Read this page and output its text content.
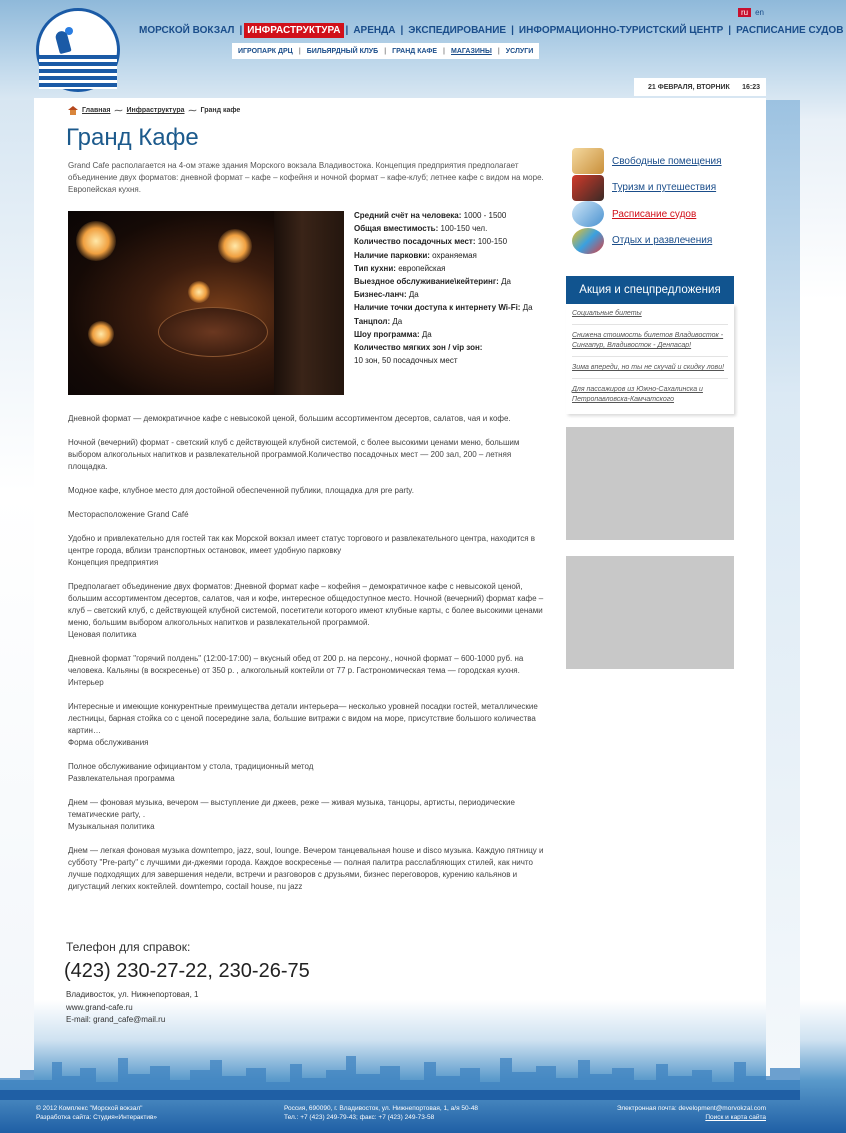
ru en
МОРСКОЙ ВОКЗАЛ | ИНФРАСТРУКТУРА | АРЕНДА | ЭКСПЕДИРОВАНИЕ | ИНФОРМАЦИОННО-ТУРИСТСКИЙ ЦЕНТР | РАСПИСАНИЕ СУДОВ
ИГРОПАРК ДРЦ | БИЛЬЯРДНЫЙ КЛУБ | ГРАНД КАФЕ | МАГАЗИНЫ | УСЛУГИ
21 ФЕВРАЛЯ, ВТОРНИК 16:23
Главная ⁓ Инфраструктура ⁓ Гранд кафе
Гранд Кафе
Grand Cafe располагается на 4-ом этаже здания Морского вокзала Владивостока. Концепция предприятия предполагает объединение двух форматов: дневной формат – кафе – кофейня и ночной формат – кафе-клуб; летнее кафе с видом на море. Европейская кухня.
Средний счёт на человека: 1000 - 1500
Общая вместимость: 100-150 чел.
Количество посадочных мест: 100-150
Наличие парковки: охраняемая
Тип кухни: европейская
Выездное обслуживание\кейтеринг: Да
Бизнес-ланч: Да
Наличие точки доступа к интернету Wi-Fi: Да
Танцпол: Да
Шоу программа: Да
Количество мягких зон / vip зон:
10 зон, 50 посадочных мест

Дневной формат — демократичное кафе с невысокой ценой, большим ассортиментом десертов, салатов, чая и кофе.

Ночной (вечерний) формат - светский клуб с действующей клубной системой, с более высокими ценами меню, большим выбором алкогольных напитков и развлекательной программой.Количество посадочных мест — 200 зал, 200 – летняя площадка.

Модное кафе, клубное место для достойной обеспеченной публики, площадка для pre party.

Месторасположение Grand Café

Удобно и привлекательно для гостей так как Морской вокзал имеет статус торгового и развлекательного центра, находится в центре города, вблизи транспортных остановок, имеет удобную парковку
Концепция предприятия

Предполагает объединение двух форматов: Дневной формат кафе – кофейня – демократичное кафе с невысокой ценой, большим ассортиментом десертов, салатов, чая и кофе, интересное общедоступное место. Ночной (вечерний) формат кафе – клуб – светский клуб, с действующей клубной системой, посетители которого имеют клубные карты, с более высокими ценами меню, большим выбором алкогольных напитков и развлекательной программой.
Ценовая политика

Дневной формат "горячий полдень" (12:00-17:00) – вкусный обед от 200 р. на персону., ночной формат – 600-1000 руб. на человека. Кальяны (в воскресенье) от 350 р. , алкогольный коктейли от 77 р. Гастрономическая тема — городская кухня.
Интерьер

Интересные и имеющие конкурентные преимущества детали интерьера— несколько уровней посадки гостей, металлические лестницы, барная стойка со с ценой посередине зала, большие витражи с видом на море, присутствие большого количества картин…
Форма обслуживания

Полное обслуживание официантом у стола, традиционный метод
Развлекательная программа

Днем — фоновая музыка, вечером — выступление ди джеев, реже — живая музыка, танцоры, артисты, периодические тематические party, .
Музыкальная политика

Днем — легкая фоновая музыка downtempo, jazz, soul, lounge. Вечером танцевальная house и disco музыка. Каждую пятницу и субботу "Pre-party" с лучшими ди-джеями города. Каждое воскресенье — полная палитра расслабляющих стилей, как ничто лучше подходящих для завершения недели, встречи и разговоров с друзьями, бизнес переговоров, курению кальянов и дигустаций легких коктейлей. downtempo, coctail house, nu jazz

Свободные помещения
Туризм и путешествия
Расписание судов
Отдых и развлечения
Акция и спецпредложения
Социальные билеты
Снижена стоимость билетов Владивосток - Сингапур, Владивосток - Денпасар!
Зима впереди, но ты не скучай и скидку лови!
Для пассажиров из Южно-Сахалинска и Петропавловска-Камчатского
Телефон для справок:
(423) 230-27-22, 230-26-75
Владивосток, ул. Нижнепортовая, 1
www.grand-cafe.ru
E-mail: grand_cafe@mail.ru
© 2012 Комплекс "Морской вокзал"
Разработка сайта: Студия«Интерактив»
Россия, 690090, г. Владивосток, ул. Нижнепортовая, 1, а/я 50-48
Тел.: +7 (423) 249-79-43; факс: +7 (423) 249-73-58
Электронная почта: development@morvokzal.com
Поиск и карта сайта
